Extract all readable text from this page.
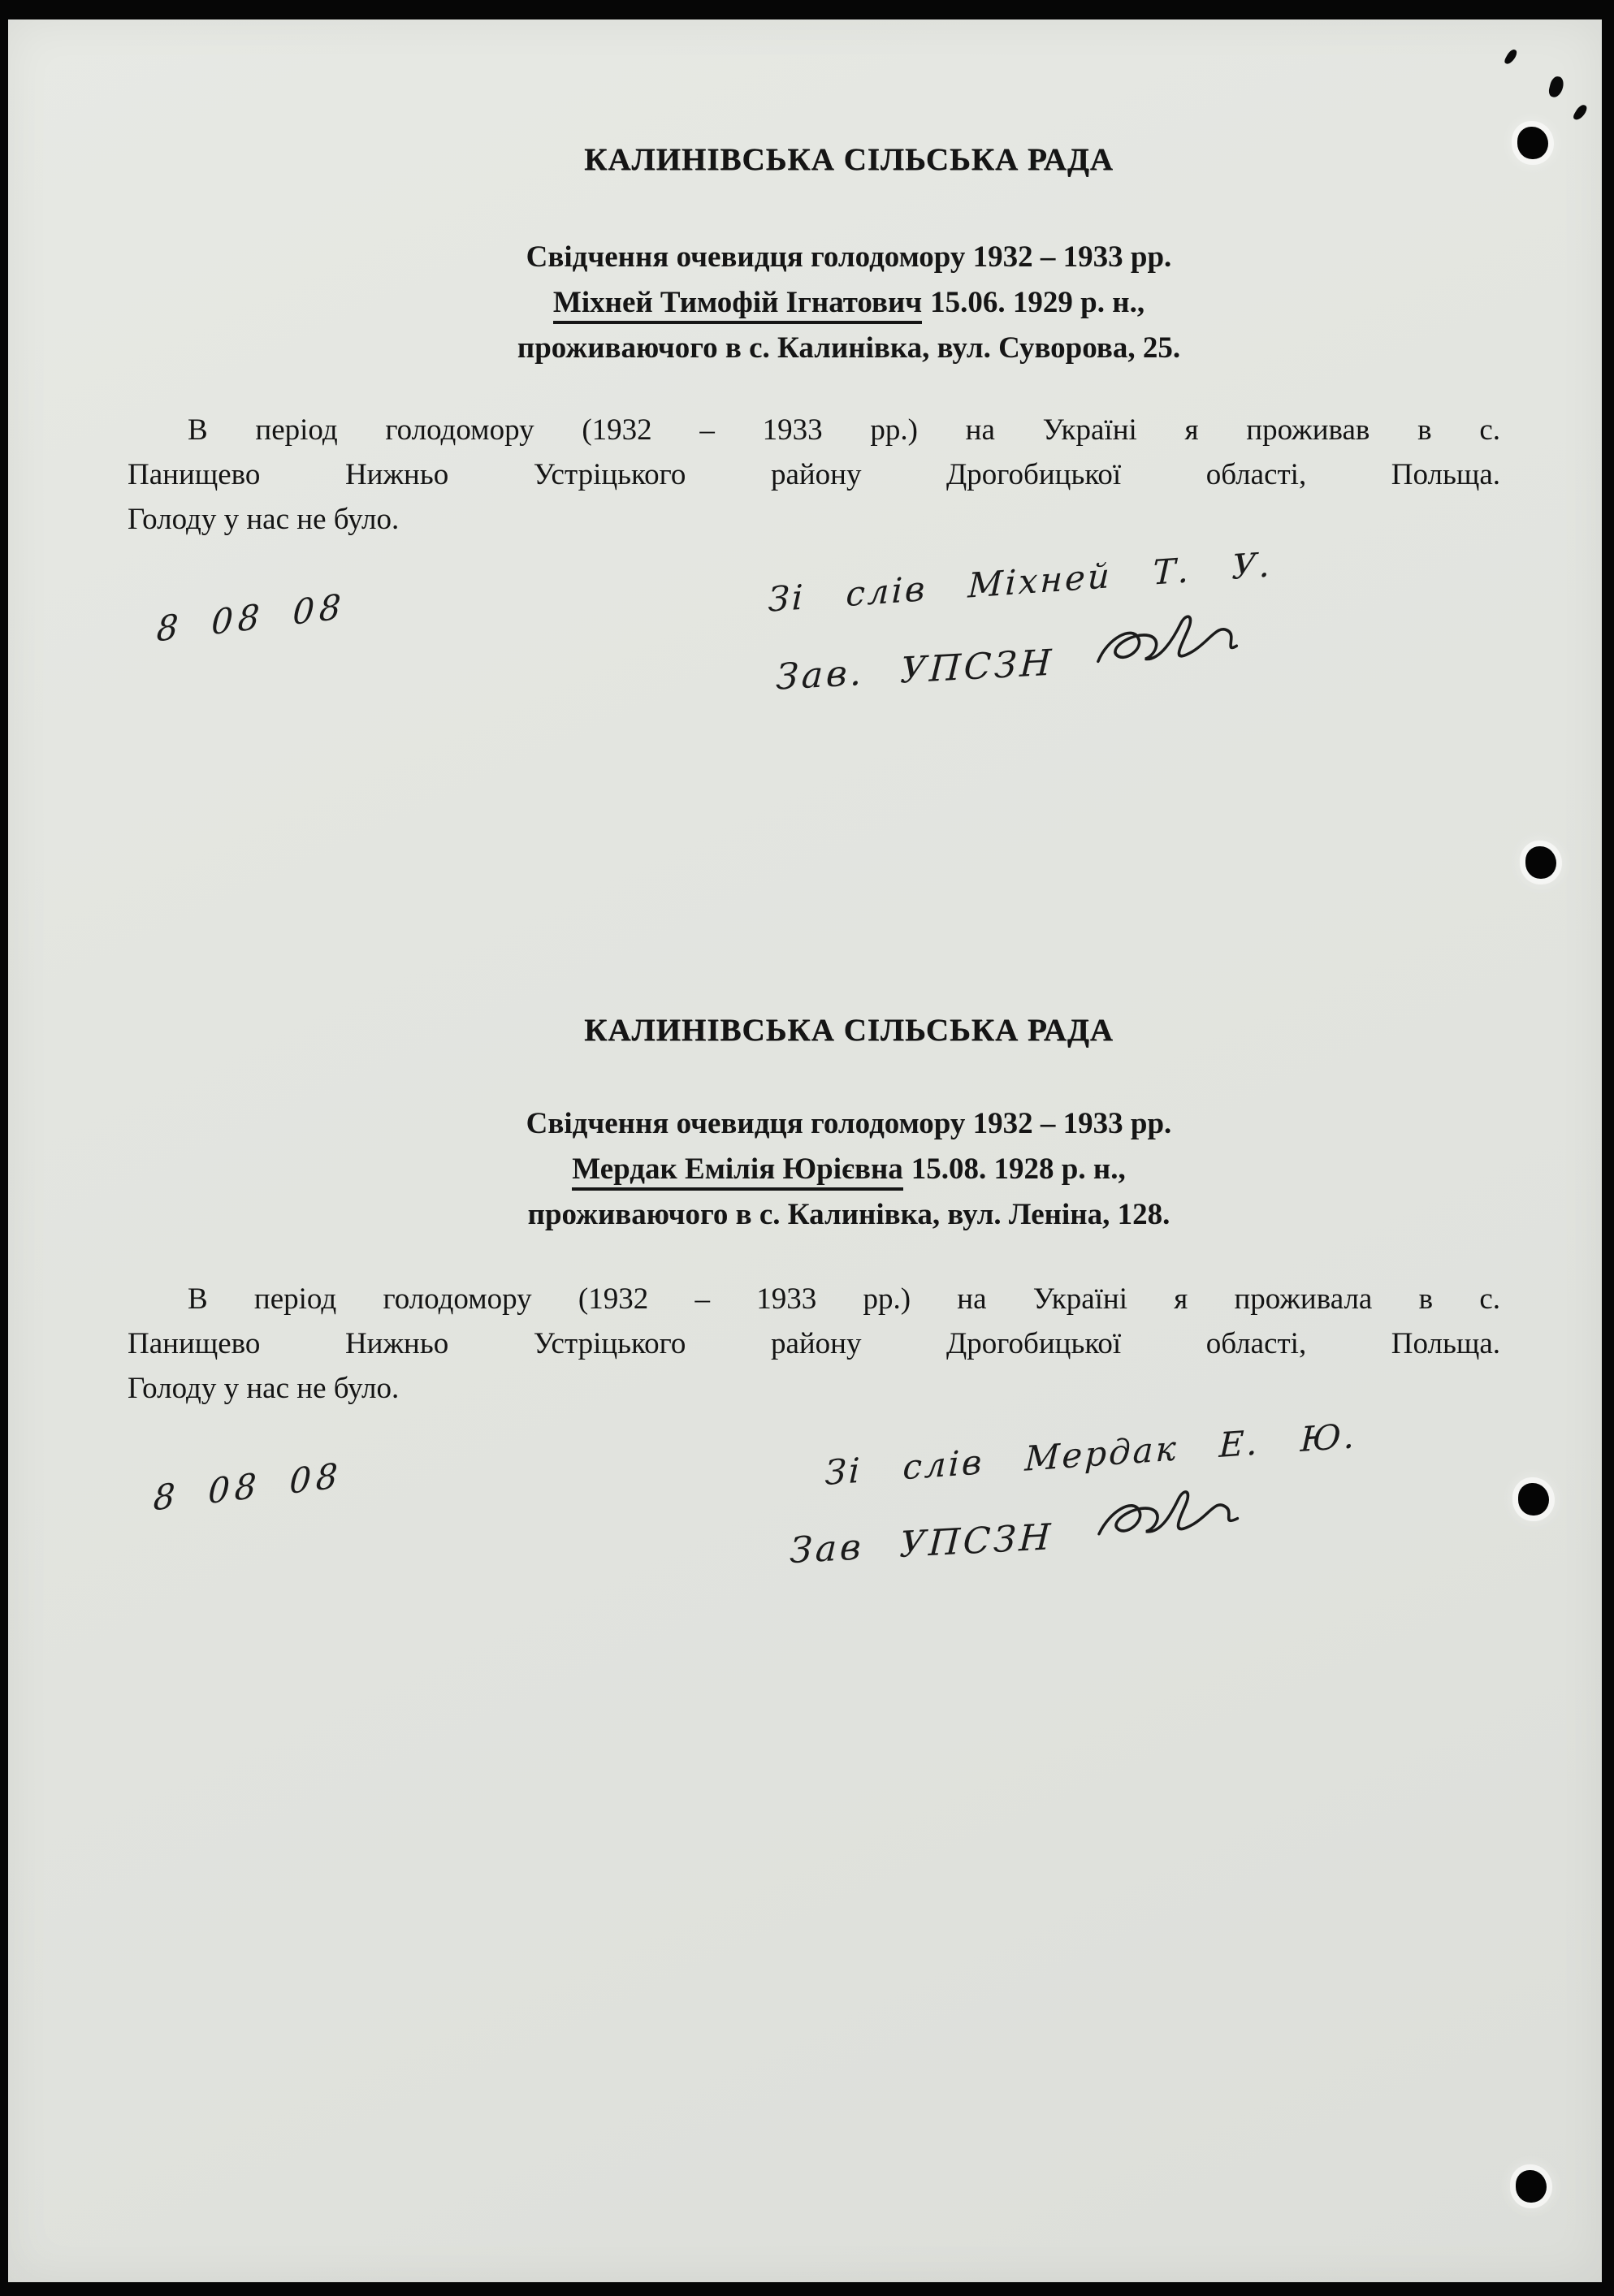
КАЛИНІВСЬКА СІЛЬСЬКА РАДА
Свідчення очевидця голодомору 1932 – 1933 рр.
Міхней Тимофій Ігнатович 15.06. 1929 р. н.,
проживаючого в с. Калинівка, вул. Суворова, 25.
В період голодомору (1932 – 1933 рр.) на Україні я проживав в с.
Панищево Нижньо Устріцького району Дрогобицької області, Польща.
Голоду у нас не було.
8 08 08	Зі слів Міхней Т. У.
Зав. УПСЗН
КАЛИНІВСЬКА СІЛЬСЬКА РАДА
Свідчення очевидця голодомору 1932 – 1933 рр.
Мердак Емілія Юрієвна 15.08. 1928 р. н.,
проживаючого в с. Калинівка, вул. Леніна, 128.
В період голодомору (1932 – 1933 рр.) на Україні я проживала в с.
Панищево Нижньо Устріцького району Дрогобицької області, Польща.
Голоду у нас не було.
8 08 08	Зі слів Мердак Е. Ю.
Зав УПСЗН
